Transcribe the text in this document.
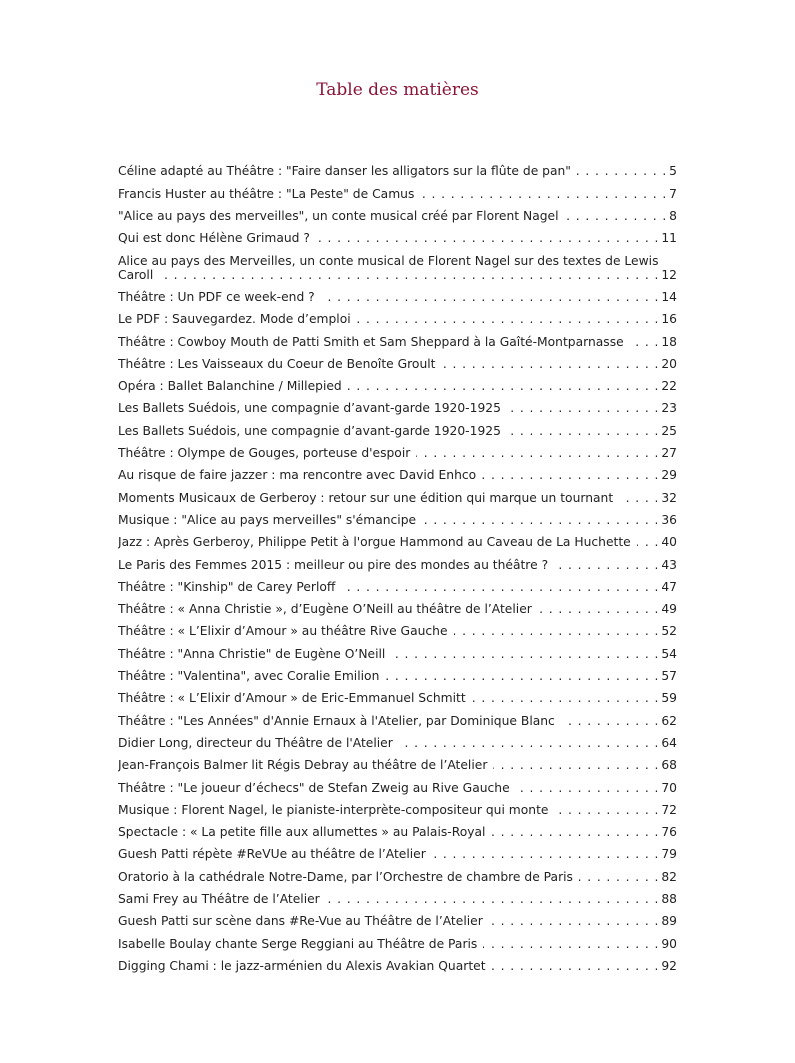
Table des matières
Céline adapté au Théâtre : "Faire danser les alligators sur la flûte de pan" . . .	5
Francis Huster au théâtre : "La Peste" de Camus . . .	7
"Alice au pays des merveilles", un conte musical créé par Florent Nagel . . .	8
Qui est donc Hélène Grimaud ? . . .	11
Alice au pays des Merveilles, un conte musical de Florent Nagel sur des textes de Lewis Caroll . . .	12
Théâtre : Un PDF ce week-end ? . . .	14
Le PDF : Sauvegardez. Mode d’emploi . . .	16
Théâtre : Cowboy Mouth de Patti Smith et Sam Sheppard à la Gaîté-Montparnasse . . .	18
Théâtre : Les Vaisseaux du Coeur de Benoîte Groult . . .	20
Opéra : Ballet Balanchine / Millepied . . .	22
Les Ballets Suédois, une compagnie d’avant-garde 1920-1925 . . .	23
Les Ballets Suédois, une compagnie d’avant-garde 1920-1925 . . .	25
Théâtre : Olympe de Gouges, porteuse d'espoir . . .	27
Au risque de faire jazzer : ma rencontre avec David Enhco . . .	29
Moments Musicaux de Gerberoy : retour sur une édition qui marque un tournant . . .	32
Musique : "Alice au pays merveilles" s'émancipe . . .	36
Jazz : Après Gerberoy, Philippe Petit à l'orgue Hammond au Caveau de La Huchette . . .	40
Le Paris des Femmes 2015 : meilleur ou pire des mondes au théâtre ? . . .	43
Théâtre : "Kinship" de Carey Perloff . . .	47
Théâtre : « Anna Christie », d’Eugène O’Neill au théâtre de l’Atelier . . .	49
Théâtre : « L’Elixir d’Amour » au théâtre Rive Gauche . . .	52
Théâtre : "Anna Christie" de Eugène O’Neill . . .	54
Théâtre : "Valentina", avec Coralie Emilion . . .	57
Théâtre : « L’Elixir d’Amour » de Eric-Emmanuel Schmitt . . .	59
Théâtre : "Les Années" d'Annie Ernaux à l'Atelier, par Dominique Blanc . . .	62
Didier Long, directeur du Théâtre de l'Atelier . . .	64
Jean-François Balmer lit Régis Debray au théâtre de l’Atelier . . .	68
Théâtre : "Le joueur d’échecs" de Stefan Zweig au Rive Gauche . . .	70
Musique : Florent Nagel, le pianiste-interprète-compositeur qui monte . . .	72
Spectacle : « La petite fille aux allumettes » au Palais-Royal . . .	76
Guesh Patti répète #ReVUe au théâtre de l’Atelier . . .	79
Oratorio à la cathédrale Notre-Dame, par l’Orchestre de chambre de Paris . . .	82
Sami Frey au Théâtre de l’Atelier . . .	88
Guesh Patti sur scène dans #Re-Vue au Théâtre de l’Atelier . . .	89
Isabelle Boulay chante Serge Reggiani au Théâtre de Paris . . .	90
Digging Chami : le jazz-arménien du Alexis Avakian Quartet . . .	92
